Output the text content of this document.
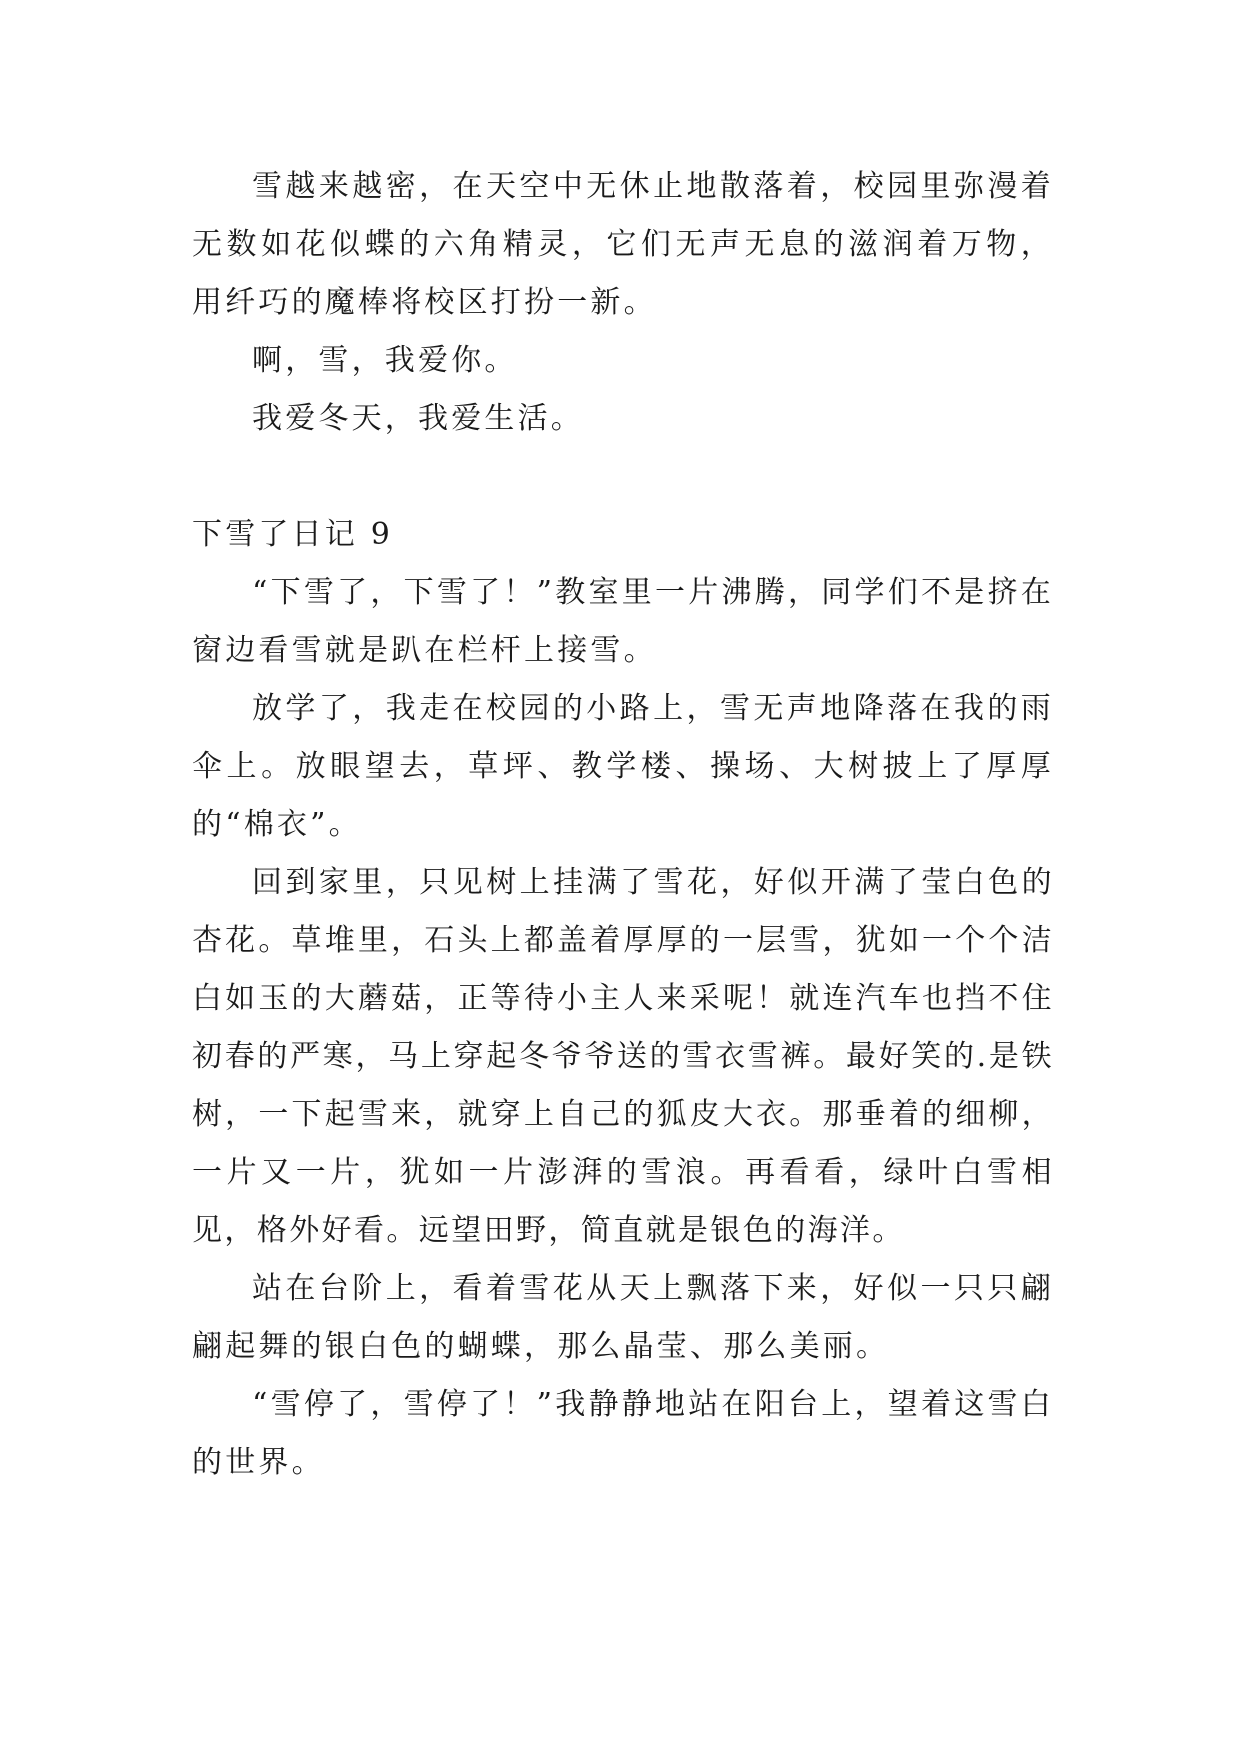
雪越来越密，在天空中无休止地散落着，校园里弥漫着无数如花似蝶的六角精灵，它们无声无息的滋润着万物，用纤巧的魔棒将校区打扮一新。

啊，雪，我爱你。

我爱冬天，我爱生活。

下雪了日记 9

“下雪了，下雪了！”教室里一片沸腾，同学们不是挤在窗边看雪就是趴在栏杆上接雪。

放学了，我走在校园的小路上，雪无声地降落在我的雨伞上。放眼望去，草坪、教学楼、操场、大树披上了厚厚的“棉衣”。

回到家里，只见树上挂满了雪花，好似开满了莹白色的杏花。草堆里，石头上都盖着厚厚的一层雪，犹如一个个洁白如玉的大蘑菇，正等待小主人来采呢！就连汽车也挡不住初春的严寒，马上穿起冬爷爷送的雪衣雪裤。最好笑的.是铁树，一下起雪来，就穿上自己的狐皮大衣。那垂着的细柳，一片又一片，犹如一片澎湃的雪浪。再看看，绿叶白雪相见，格外好看。远望田野，简直就是银色的海洋。

站在台阶上，看着雪花从天上飘落下来，好似一只只翩翩起舞的银白色的蝴蝶，那么晶莹、那么美丽。

“雪停了，雪停了！”我静静地站在阳台上，望着这雪白的世界。
